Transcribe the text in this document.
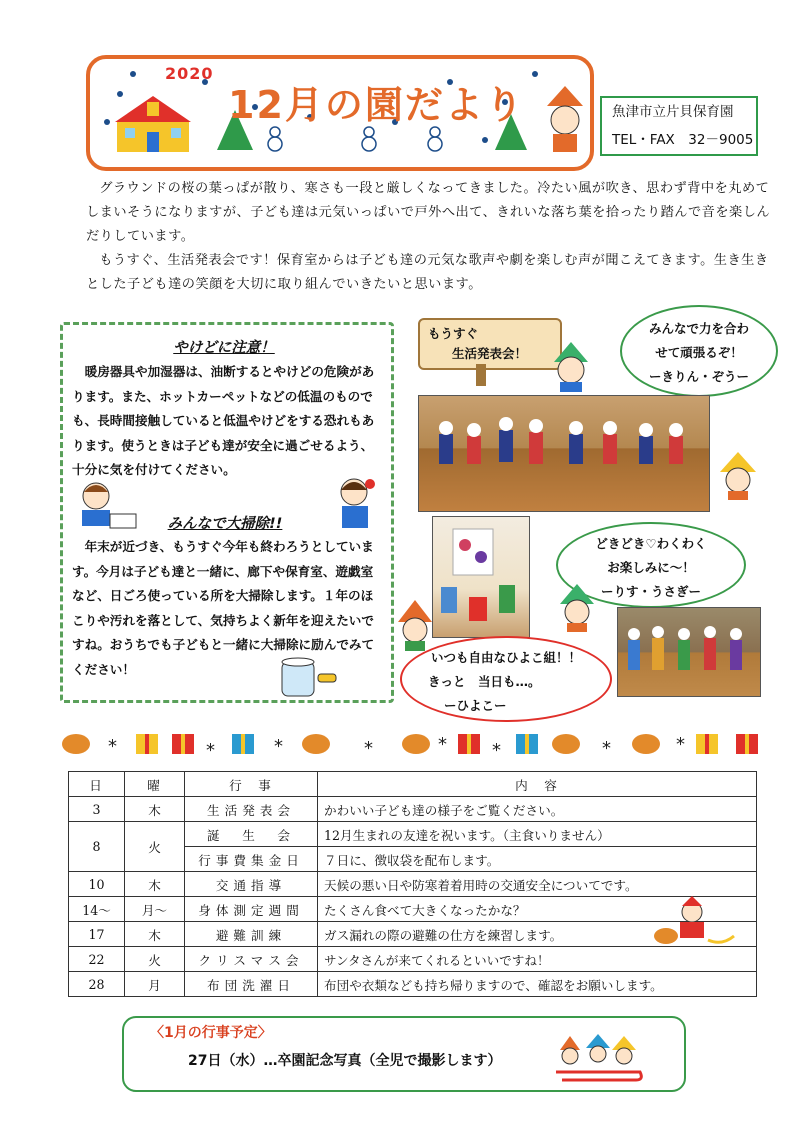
2020
12月の園だより	魚津市立片貝保育園
TEL・FAX　32－9005

グラウンドの桜の葉っぱが散り、寒さも一段と厳しくなってきました。冷たい風が吹き、思わず背中を丸めてしまいそうになりますが、子ども達は元気いっぱいで戸外へ出て、きれいな落ち葉を拾ったり踏んで音を楽しんだりしています。

もうすぐ、生活発表会です！保育室からは子ども達の元気な歌声や劇を楽しむ声が聞こえてきます。生き生きとした子ども達の笑顔を大切に取り組んでいきたいと思います。

やけどに注意！
暖房器具や加湿器は、油断するとやけどの危険があります。また、ホットカーペットなどの低温のものでも、長時間接触していると低温やけどをする恐れもあります。使うときは子ども達が安全に過ごせるよう、十分に気を付けてください。
みんなで大掃除!!
年末が近づき、もうすぐ今年も終わろうとしています。今月は子ども達と一緒に、廊下や保育室、遊戯室など、日ごろ使っている所を大掃除します。１年のほこりや汚れを落として、気持ちよく新年を迎えたいですね。おうちでも子どもと一緒に大掃除に励んでみてください！
もうすぐ
生活発表会！
みんなで力を合わ
せて頑張るぞ！
ーきりん・ぞうー
どきどき♡わくわく
お楽しみに～！
ーりす・うさぎー
いつも自由なひよこ組！！
きっと　当日も…。
ーひよこー
*	*	*	*	*	*	*	*
日	曜	行　事	内　容
3	木	生活発表会	かわいい子ども達の様子をご覧ください。
8	火	誕　生　会	12月生まれの友達を祝います。（主食いりません）
		行事費集金日	７日に、徴収袋を配布します。
10	木	交通指導	天候の悪い日や防寒着着用時の交通安全についてです。
14～	月～	身体測定週間	たくさん食べて大きくなったかな？
17	木	避難訓練	ガス漏れの際の避難の仕方を練習します。
22	火	クリスマス会	サンタさんが来てくれるといいですね！
28	月	布団洗濯日	布団や衣類なども持ち帰りますので、確認をお願いします。
〈1月の行事予定〉
27日（水）…卒園記念写真（全児で撮影します）
